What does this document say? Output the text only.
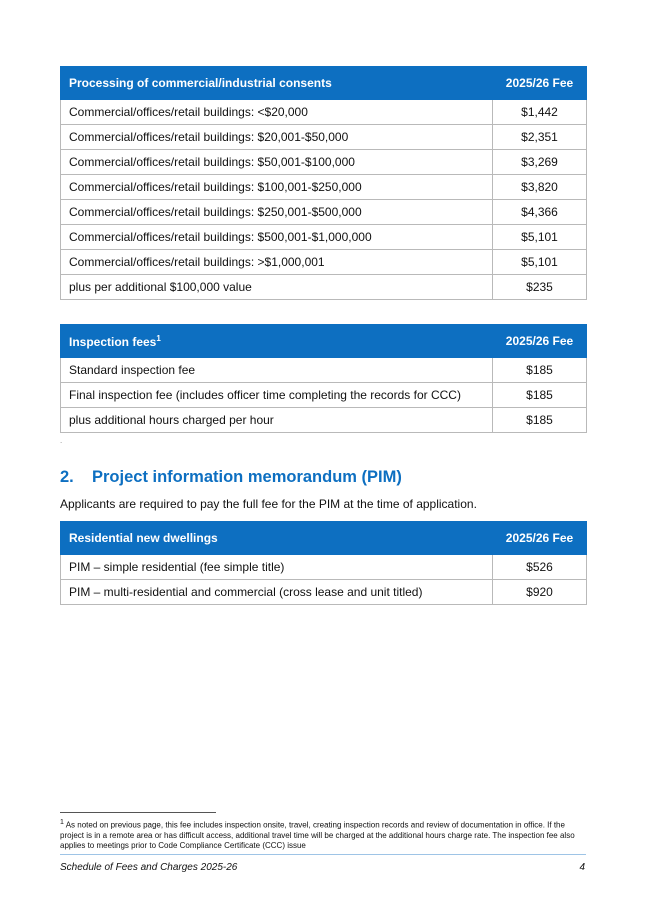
Processing of commercial/industrial consents	2025/26 Fee
Commercial/offices/retail buildings: <$20,000	$1,442
Commercial/offices/retail buildings: $20,001-$50,000	$2,351
Commercial/offices/retail buildings: $50,001-$100,000	$3,269
Commercial/offices/retail buildings: $100,001-$250,000	$3,820
Commercial/offices/retail buildings: $250,001-$500,000	$4,366
Commercial/offices/retail buildings: $500,001-$1,000,000	$5,101
Commercial/offices/retail buildings: >$1,000,001	$5,101
plus per additional $100,000 value	$235
Inspection fees$^1$	2025/26 Fee
Standard inspection fee	$185
Final inspection fee (includes officer time completing the records for CCC)	$185
plus additional hours charged per hour	$185
.
2. Project information memorandum (PIM)

Applicants are required to pay the full fee for the PIM at the time of application.

Residential new dwellings	2025/26 Fee
PIM – simple residential (fee simple title)	$526
PIM – multi-residential and commercial (cross lease and unit titled)	$920

$^1$ As noted on previous page, this fee includes inspection onsite, travel, creating inspection records and review of documentation in office. If the project is in a remote area or has difficult access, additional travel time will be charged at the additional hours charge rate. The inspection fee also applies to meetings prior to Code Compliance Certificate (CCC) issue

Schedule of Fees and Charges 2025-26	4
